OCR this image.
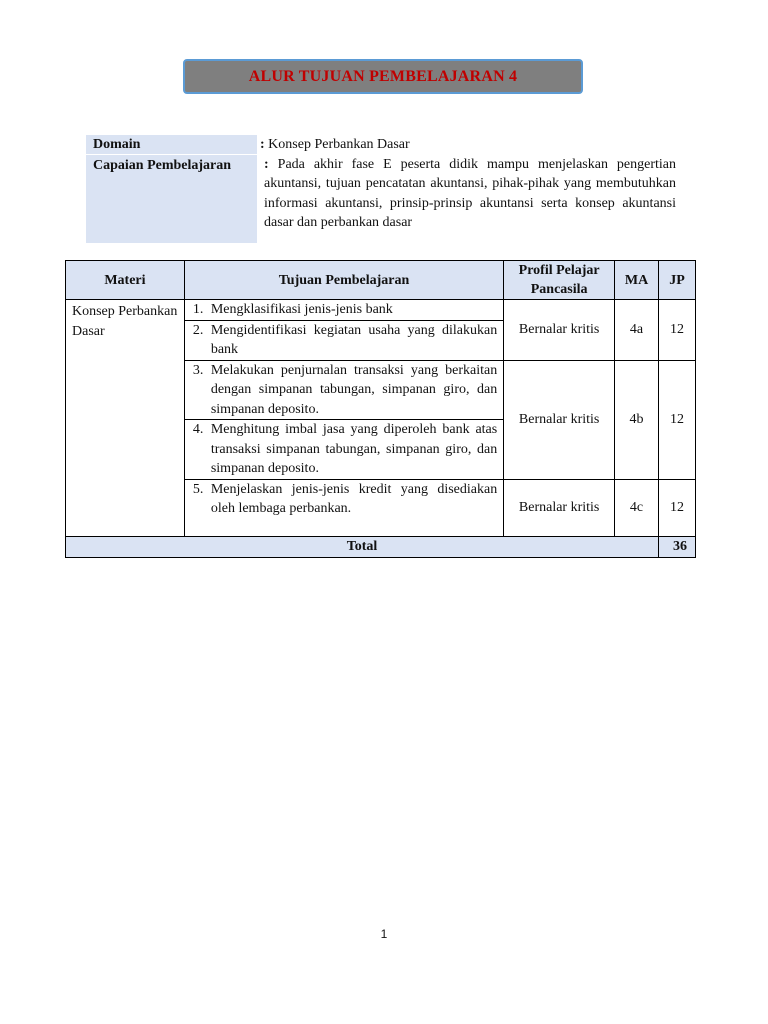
ALUR TUJUAN PEMBELAJARAN 4
Domain	: Konsep Perbankan Dasar
Capaian Pembelajaran	: Pada akhir fase E peserta didik mampu menjelaskan pengertian akuntansi, tujuan pencatatan akuntansi, pihak-pihak yang membutuhkan informasi akuntansi, prinsip-prinsip akuntansi serta konsep akuntansi dasar dan perbankan dasar
Materi	Tujuan Pembelajaran	Profil Pelajar Pancasila	MA	JP
Konsep Perbankan Dasar	1. Mengklasifikasi jenis-jenis bank	Bernalar kritis	4a	12

	2. Mengidentifikasi kegiatan usaha yang dilakukan bank			

	3. Melakukan penjurnalan transaksi yang berkaitan dengan simpanan tabungan, simpanan giro, dan simpanan deposito.	Bernalar kritis	4b	12

	4. Menghitung imbal jasa yang diperoleh bank atas transaksi simpanan tabungan, simpanan giro, dan simpanan deposito.			

	5. Menjelaskan jenis-jenis kredit yang disediakan oleh lembaga perbankan.	Bernalar kritis	4c	12
Total				36
1
